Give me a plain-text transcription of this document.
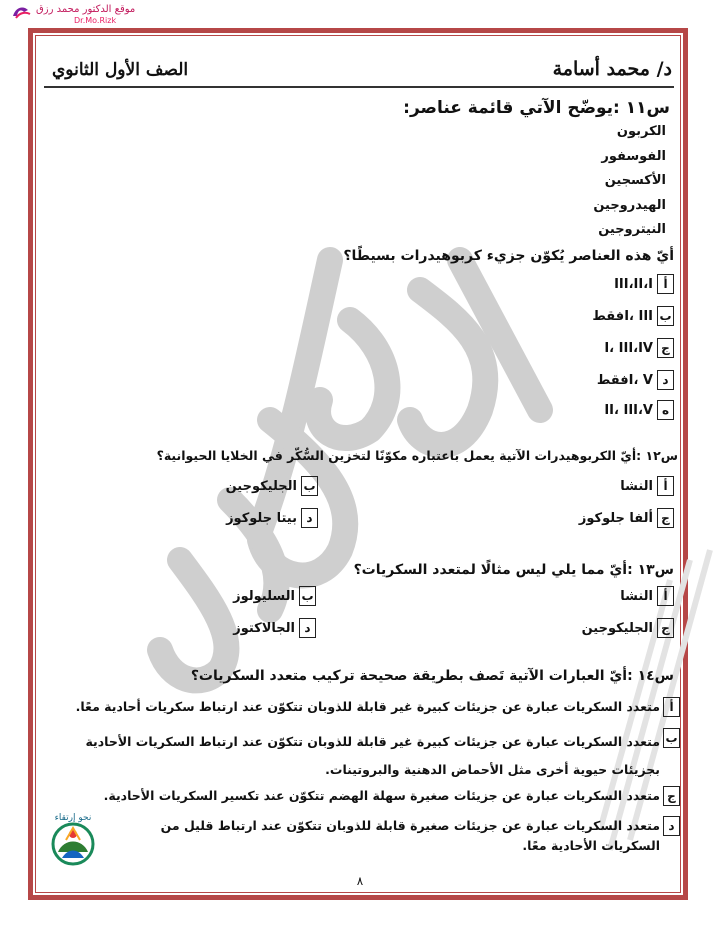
موقع الدكتور محمد رزق
Dr.Mo.Rizk
د/ محمد أسامة
الصف الأول الثانوي
س١١ :يوضّح الآتي قائمة عناصر:
الكربون
الفوسفور
الأكسجين
الهيدروجين
النيتروجين
أيّ هذه العناصر يُكوّن جزيء كربوهيدرات بسيطًا؟
أ
III،II،I
ب
I، IIIفقط
ج
I، III،IV
د
I، Vفقط
ه
II، III،V
س١٢ :أيّ الكربوهيدرات الآتية يعمل باعتباره مكوّنًا لتخزين السُّكّر في الخلايا الحيوانية؟
أ
النشا
ب
الجليكوجين
ج
ألفا جلوكوز
د
بيتا جلوكوز
س١٣ :أيّ مما يلي ليس مثالًا لمتعدد السكريات؟
أ
النشا
ب
السليولوز
ج
الجليكوجين
د
الجالاكتوز
س١٤ :أيّ العبارات الآتية تَصف بطريقة صحيحة تركيب متعدد السكريات؟
أ
متعدد السكريات عبارة عن جزيئات كبيرة غير قابلة للذوبان تتكوّن عند ارتباط سكريات أحادية معًا.
ب
متعدد السكريات عبارة عن جزيئات كبيرة غير قابلة للذوبان تتكوّن عند ارتباط السكريات الأحادية بجزيئات حيوية أخرى مثل الأحماض الدهنية والبروتينات.
ج
متعدد السكريات عبارة عن جزيئات صغيرة سهلة الهضم تتكوّن عند تكسير السكريات الأحادية.
د
متعدد السكريات عبارة عن جزيئات صغيرة قابلة للذوبان تتكوّن عند ارتباط قليل من السكريات الأحادية معًا.
نحو إرتقاء
٨
